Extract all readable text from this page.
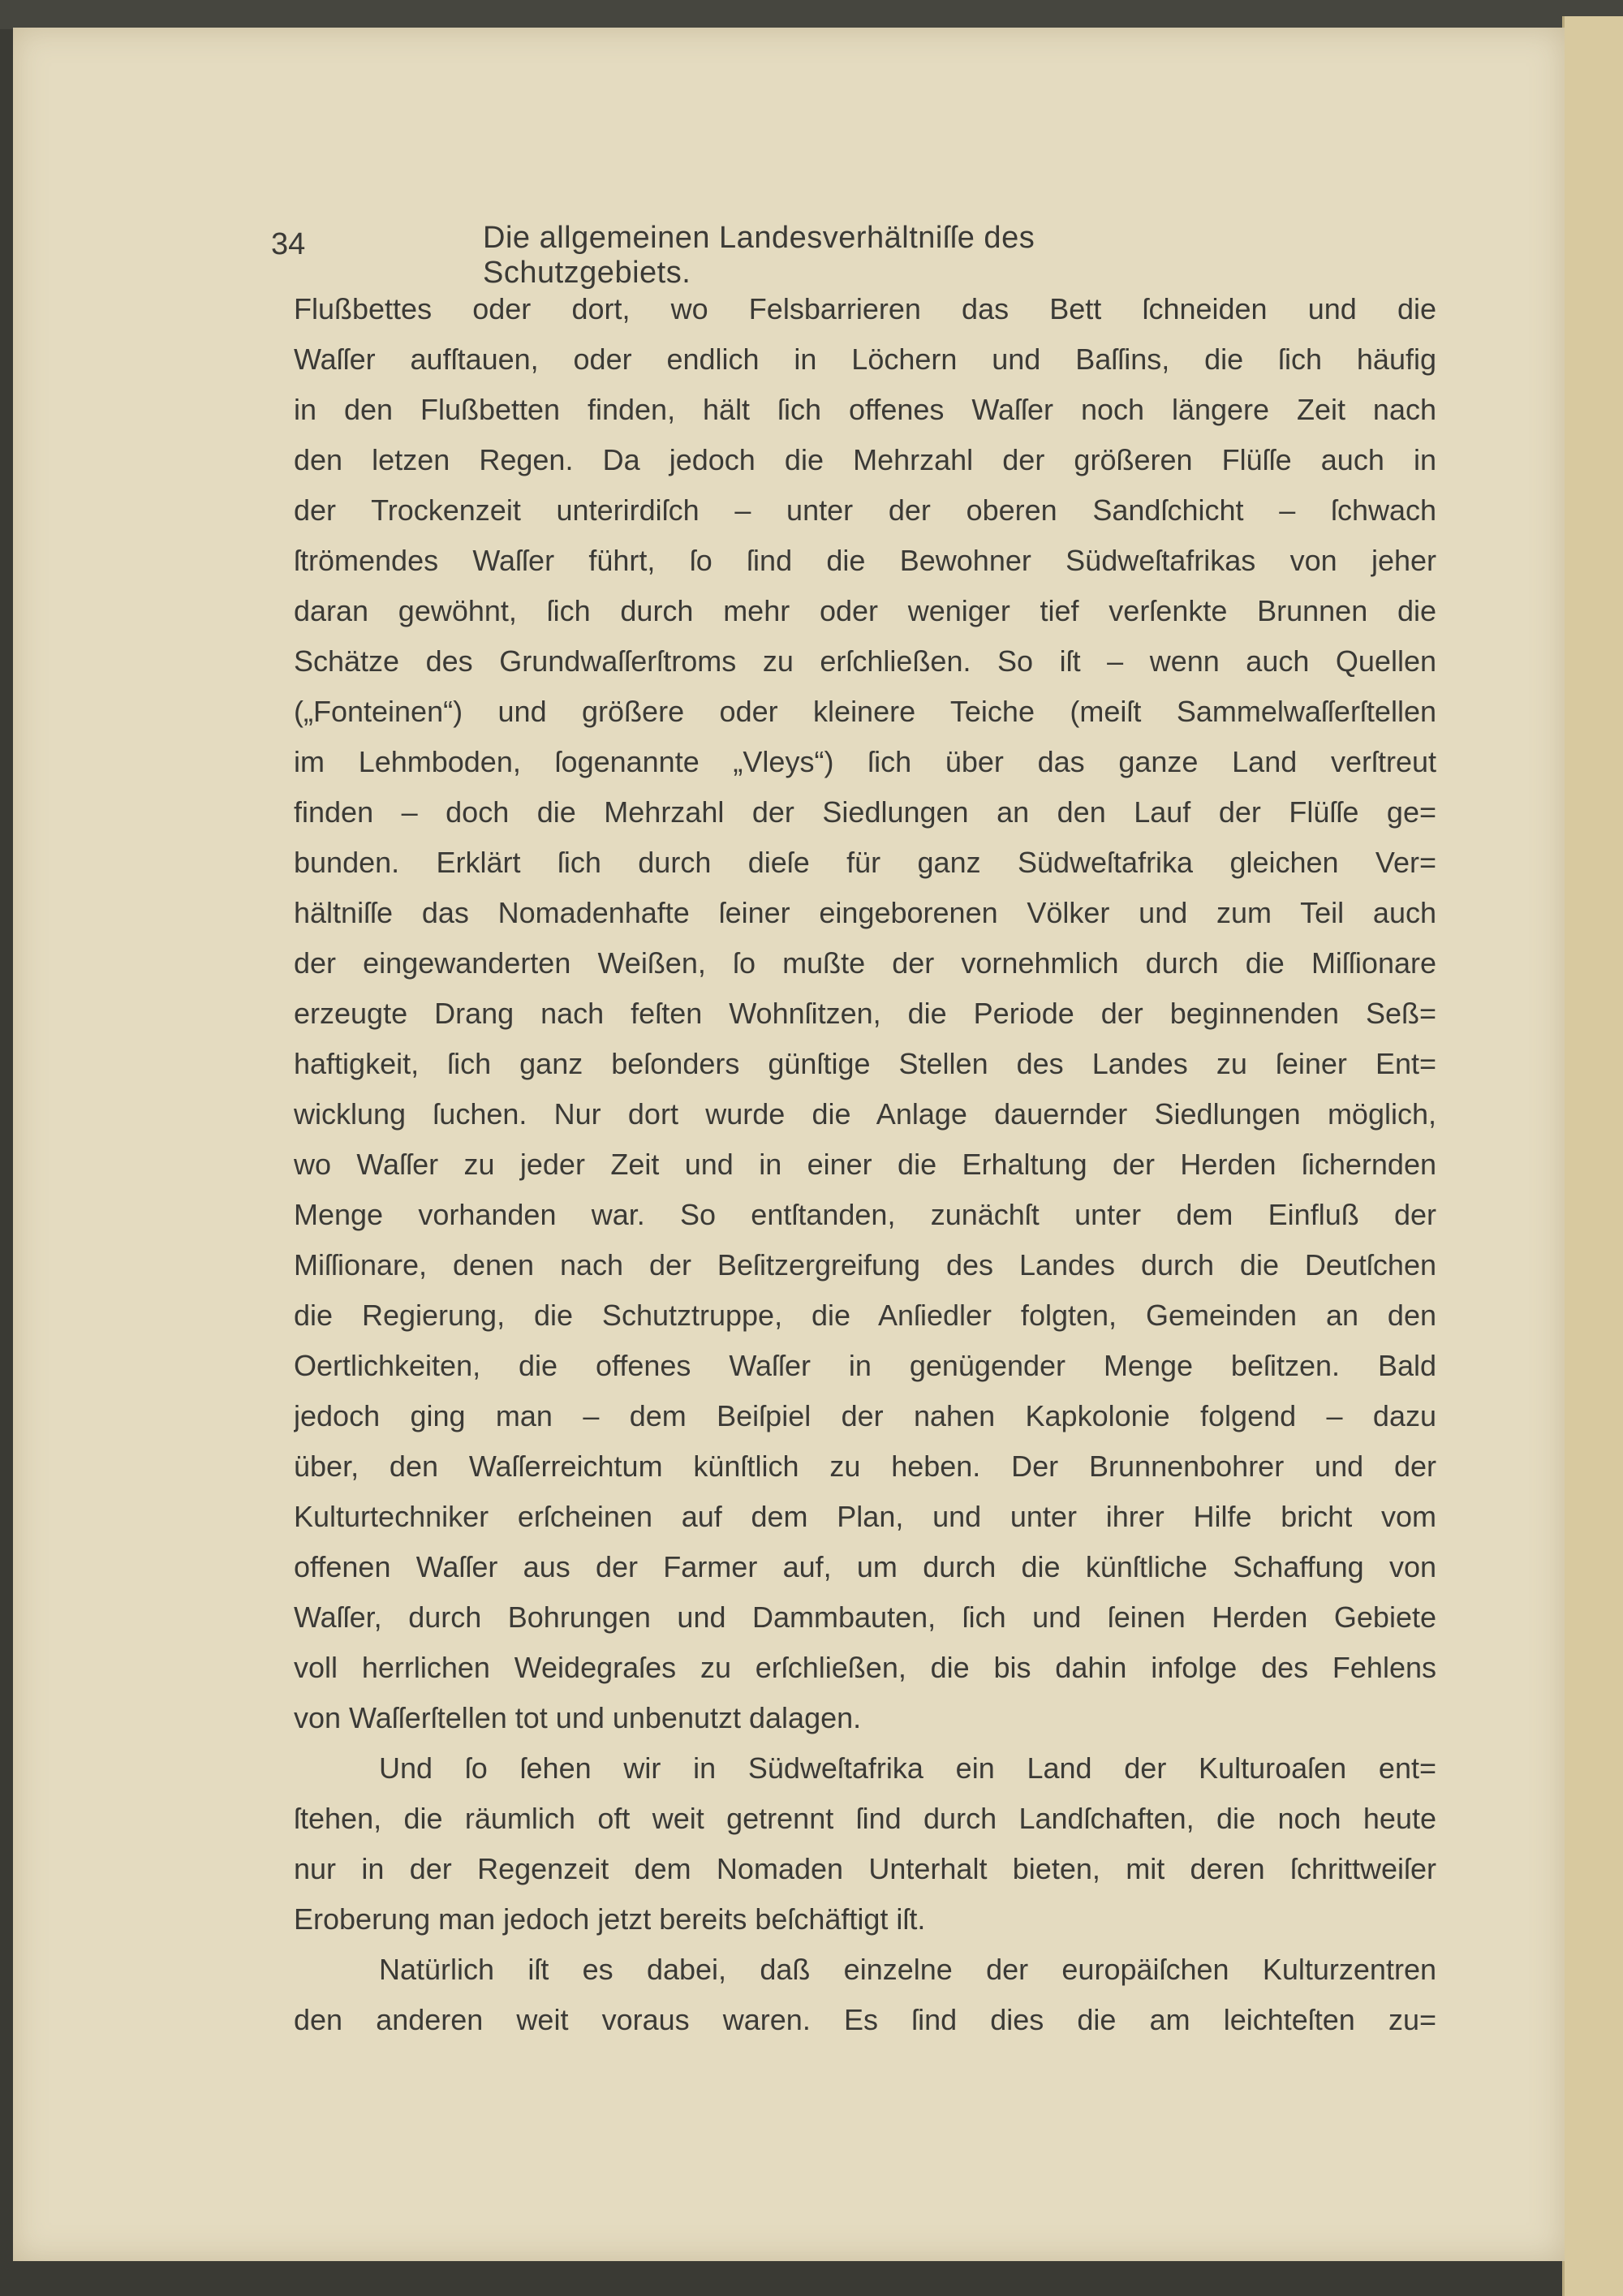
34	Die allgemeinen Landesverhältniſſe des Schutzgebiets.
Flußbettes oder dort, wo Felsbarrieren das Bett ſchneiden und die
Waſſer aufſtauen, oder endlich in Löchern und Baſſins, die ſich häufig
in den Flußbetten finden, hält ſich offenes Waſſer noch längere Zeit nach
den letzen Regen. Da jedoch die Mehrzahl der größeren Flüſſe auch in
der Trockenzeit unterirdiſch – unter der oberen Sandſchicht – ſchwach
ſtrömendes Waſſer führt, ſo ſind die Bewohner Südweſtafrikas von jeher
daran gewöhnt, ſich durch mehr oder weniger tief verſenkte Brunnen die
Schätze des Grundwaſſerſtroms zu erſchließen. So iſt – wenn auch Quellen
(„Fonteinen“) und größere oder kleinere Teiche (meiſt Sammelwaſſerſtellen
im Lehmboden, ſogenannte „Vleys“) ſich über das ganze Land verſtreut
finden – doch die Mehrzahl der Siedlungen an den Lauf der Flüſſe ge=
bunden. Erklärt ſich durch dieſe für ganz Südweſtafrika gleichen Ver=
hältniſſe das Nomadenhafte ſeiner eingeborenen Völker und zum Teil auch
der eingewanderten Weißen, ſo mußte der vornehmlich durch die Miſſionare
erzeugte Drang nach feſten Wohnſitzen, die Periode der beginnenden Seß=
haftigkeit, ſich ganz beſonders günſtige Stellen des Landes zu ſeiner Ent=
wicklung ſuchen. Nur dort wurde die Anlage dauernder Siedlungen möglich,
wo Waſſer zu jeder Zeit und in einer die Erhaltung der Herden ſichernden
Menge vorhanden war. So entſtanden, zunächſt unter dem Einfluß der
Miſſionare, denen nach der Beſitzergreifung des Landes durch die Deutſchen
die Regierung, die Schutztruppe, die Anſiedler folgten, Gemeinden an den
Oertlichkeiten, die offenes Waſſer in genügender Menge beſitzen. Bald
jedoch ging man – dem Beiſpiel der nahen Kapkolonie folgend – dazu
über, den Waſſerreichtum künſtlich zu heben. Der Brunnenbohrer und der
Kulturtechniker erſcheinen auf dem Plan, und unter ihrer Hilfe bricht vom
offenen Waſſer aus der Farmer auf, um durch die künſtliche Schaffung von
Waſſer, durch Bohrungen und Dammbauten, ſich und ſeinen Herden Gebiete
voll herrlichen Weidegraſes zu erſchließen, die bis dahin infolge des Fehlens
von Waſſerſtellen tot und unbenutzt dalagen.
Und ſo ſehen wir in Südweſtafrika ein Land der Kulturoaſen ent=
ſtehen, die räumlich oft weit getrennt ſind durch Landſchaften, die noch heute
nur in der Regenzeit dem Nomaden Unterhalt bieten, mit deren ſchrittweiſer
Eroberung man jedoch jetzt bereits beſchäftigt iſt.
Natürlich iſt es dabei, daß einzelne der europäiſchen Kulturzentren
den anderen weit voraus waren. Es ſind dies die am leichteſten zu=
